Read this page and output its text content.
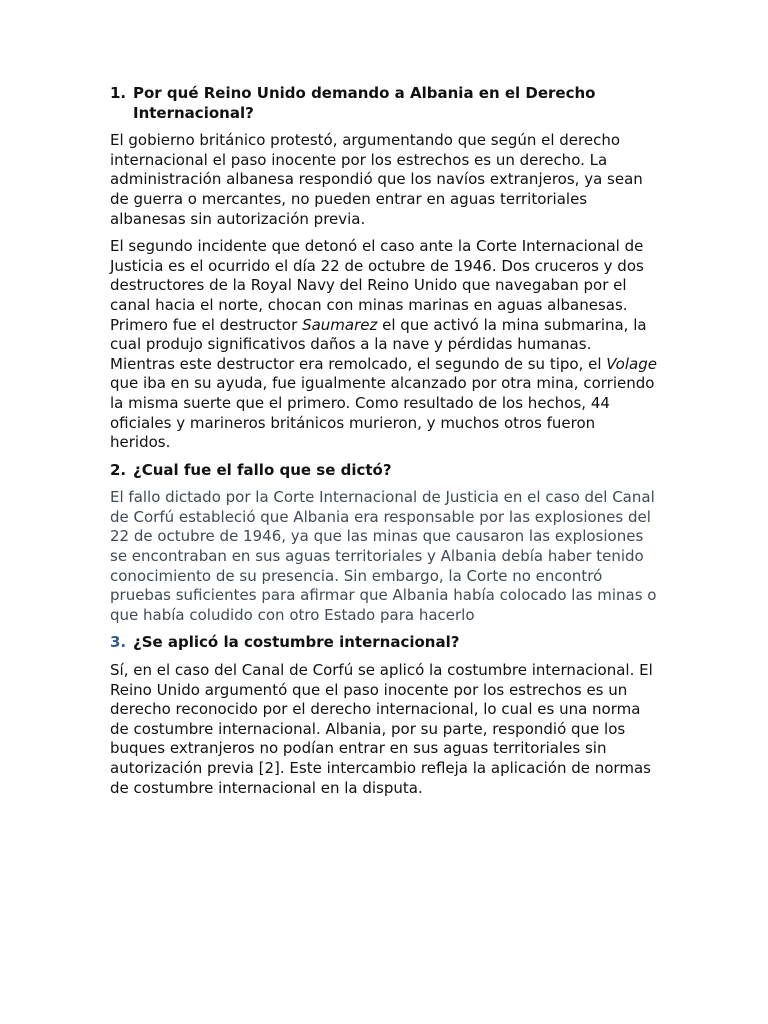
1. Por qué Reino Unido demando a Albania en el Derecho Internacional?

El gobierno británico protestó, argumentando que según el derecho internacional el paso inocente por los estrechos es un derecho. La administración albanesa respondió que los navíos extranjeros, ya sean de guerra o mercantes, no pueden entrar en aguas territoriales albanesas sin autorización previa.

El segundo incidente que detonó el caso ante la Corte Internacional de Justicia es el ocurrido el día 22 de octubre de 1946. Dos cruceros y dos destructores de la Royal Navy del Reino Unido que navegaban por el canal hacia el norte, chocan con minas marinas en aguas albanesas. Primero fue el destructor Saumarez el que activó la mina submarina, la cual produjo significativos daños a la nave y pérdidas humanas. Mientras este destructor era remolcado, el segundo de su tipo, el Volage que iba en su ayuda, fue igualmente alcanzado por otra mina, corriendo la misma suerte que el primero. Como resultado de los hechos, 44 oficiales y marineros británicos murieron, y muchos otros fueron heridos.

2. ¿Cual fue el fallo que se dictó?

El fallo dictado por la Corte Internacional de Justicia en el caso del Canal de Corfú estableció que Albania era responsable por las explosiones del 22 de octubre de 1946, ya que las minas que causaron las explosiones se encontraban en sus aguas territoriales y Albania debía haber tenido conocimiento de su presencia. Sin embargo, la Corte no encontró pruebas suficientes para afirmar que Albania había colocado las minas o que había coludido con otro Estado para hacerlo

3. ¿Se aplicó la costumbre internacional?

Sí, en el caso del Canal de Corfú se aplicó la costumbre internacional. El Reino Unido argumentó que el paso inocente por los estrechos es un derecho reconocido por el derecho internacional, lo cual es una norma de costumbre internacional. Albania, por su parte, respondió que los buques extranjeros no podían entrar en sus aguas territoriales sin autorización previa [2]. Este intercambio refleja la aplicación de normas de costumbre internacional en la disputa.
